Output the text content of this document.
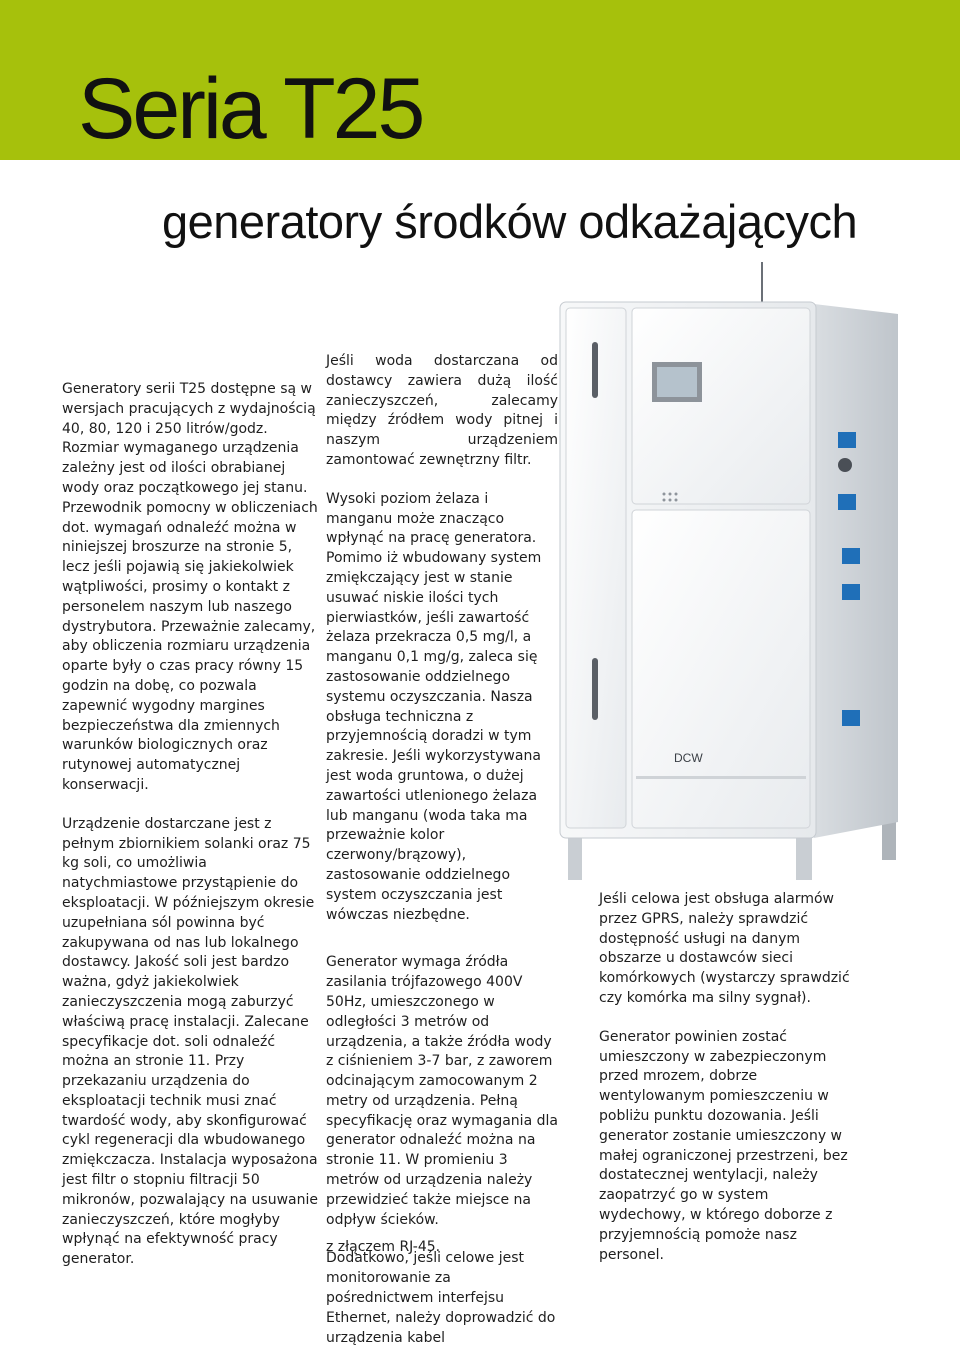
Seria T25
generatory środków odkażających

Generatory serii T25 dostępne są w wersjach pracujących z wydajnością 40, 80, 120 i 250 litrów/godz. Rozmiar wymaganego urządzenia zależny jest od ilości obrabianej wody oraz początkowego jej stanu. Przewodnik pomocny w obliczeniach dot. wymagań odnaleźć można w niniejszej broszurze na stronie 5, lecz jeśli pojawią się jakiekolwiek wątpliwości, prosimy o kontakt z personelem naszym lub naszego dystrybutora. Przeważnie zalecamy, aby obliczenia rozmiaru urządzenia oparte były o czas pracy równy 15 godzin na dobę, co pozwala zapewnić wygodny margines bezpieczeństwa dla zmiennych warunków biologicznych oraz rutynowej automatycznej konserwacji.

Urządzenie dostarczane jest z pełnym zbiornikiem solanki oraz 75 kg soli, co umożliwia natychmiastowe przystąpienie do eksploatacji. W późniejszym okresie uzupełniana sól powinna być zakupywana od nas lub lokalnego dostawcy. Jakość soli jest bardzo ważna, gdyż jakiekolwiek zanieczyszczenia mogą zaburzyć właściwą pracę instalacji. Zalecane specyfikacje dot. soli odnaleźć można an stronie 11. Przy przekazaniu urządzenia do eksploatacji technik musi znać twardość wody, aby skonfigurować cykl regeneracji dla wbudowanego zmiękczacza. Instalacja wyposażona jest filtr o stopniu filtracji 50 mikronów, pozwalający na usuwanie zanieczyszczeń, które mogłyby wpłynąć na efektywność pracy generator.

Jeśli woda dostarczana od dostawcy zawiera dużą ilość zanieczyszczeń, zalecamy między źródłem wody pitnej i naszym urządzeniem zamontować zewnętrzny filtr.

Wysoki poziom żelaza i manganu może znacząco wpłynąć na pracę generatora. Pomimo iż wbudowany system zmiękczający jest w stanie usuwać niskie ilości tych pierwiastków, jeśli zawartość żelaza przekracza 0,5 mg/l, a manganu 0,1 mg/g, zaleca się zastosowanie oddzielnego systemu oczyszczania. Nasza obsługa techniczna z przyjemnością doradzi w tym zakresie. Jeśli wykorzystywana jest woda gruntowa, o dużej zawartości utlenionego żelaza lub manganu (woda taka ma przeważnie kolor czerwony/brązowy), zastosowanie oddzielnego system oczyszczania jest wówczas niezbędne.

Generator wymaga źródła zasilania trójfazowego 400V 50Hz, umieszczonego w odległości 3 metrów od urządzenia, a także źródła wody z ciśnieniem 3-7 bar, z zaworem odcinającym zamocowanym 2 metry od urządzenia. Pełną specyfikację oraz wymagania dla generator odnaleźć można na stronie 11. W promieniu 3 metrów od urządzenia należy przewidzieć także miejsce na odpływ ścieków.

Dodatkowo, jeśli celowe jest monitorowanie za pośrednictwem interfejsu Ethernet, należy doprowadzić do urządzenia kabel

z złączem RJ-45.

Jeśli celowa jest obsługa alarmów przez GPRS, należy sprawdzić dostępność usługi na danym obszarze u dostawców sieci komórkowych (wystarczy sprawdzić czy komórka ma silny sygnał).

Generator powinien zostać umieszczony w zabezpieczonym przed mrozem, dobrze wentylowanym pomieszczeniu w pobliżu punktu dozowania. Jeśli generator zostanie umieszczony w małej ograniczonej przestrzeni, bez dostatecznej wentylacji, należy zaopatrzyć go w system wydechowy, w którego doborze z przyjemnością pomoże nasz personel.

DCW
